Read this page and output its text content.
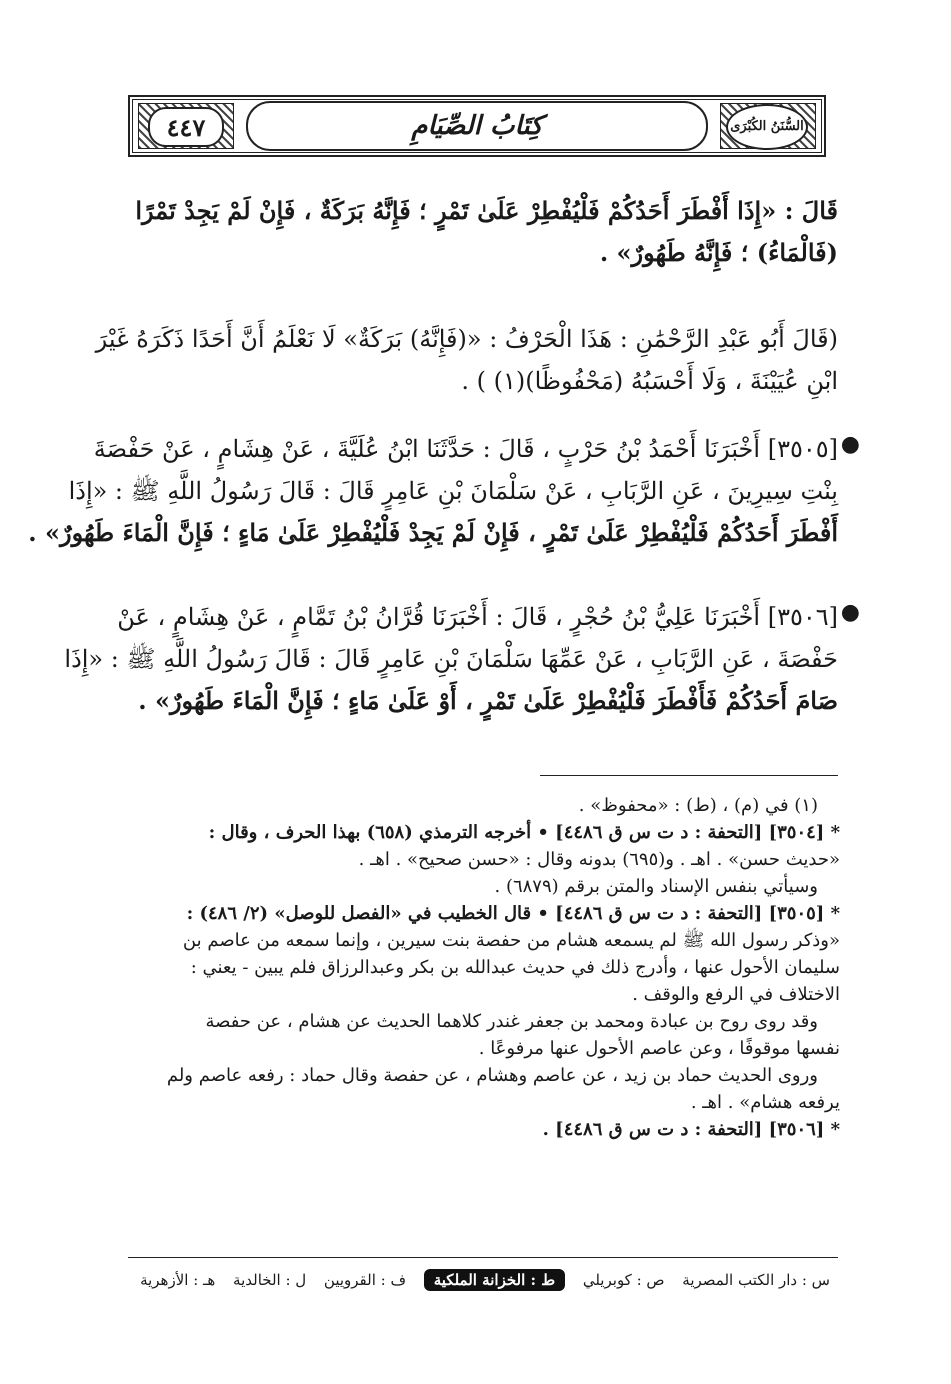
٤٤٧	كِتَابُ الصِّيَامِ	السُّنَنُ الكُبْرَى
قَالَ : «إِذَا أَفْطَرَ أَحَدُكُمْ فَلْيُفْطِرْ عَلَىٰ تَمْرٍ ؛ فَإِنَّهُ بَرَكَةٌ ، فَإِنْ لَمْ يَجِدْ تَمْرًا
(فَالْمَاءُ) ؛ فَإِنَّهُ طَهُورٌ» .
(قَالَ أَبُو عَبْدِ الرَّحْمَٰنِ : هَذَا الْحَرْفُ : «(فَإِنَّهُ) بَرَكَةٌ» لَا نَعْلَمُ أَنَّ أَحَدًا ذَكَرَهُ غَيْرَ
ابْنِ عُيَيْنَةَ ، وَلَا أَحْسَبُهُ (مَحْفُوظًا)(١) ) .
●
[٣٥٠٥] أَخْبَرَنَا أَحْمَدُ بْنُ حَرْبٍ ، قَالَ : حَدَّثَنَا ابْنُ عُلَيَّةَ ، عَنْ هِشَامٍ ، عَنْ حَفْصَةَ
بِنْتِ سِيرِينَ ، عَنِ الرَّبَابِ ، عَنْ سَلْمَانَ بْنِ عَامِرٍ قَالَ : قَالَ رَسُولُ اللَّهِ ﷺ : «إِذَا
أَفْطَرَ أَحَدُكُمْ فَلْيُفْطِرْ عَلَىٰ تَمْرٍ ، فَإِنْ لَمْ يَجِدْ فَلْيُفْطِرْ عَلَىٰ مَاءٍ ؛ فَإِنَّ الْمَاءَ طَهُورٌ» .
●
[٣٥٠٦] أَخْبَرَنَا عَلِيُّ بْنُ حُجْرٍ ، قَالَ : أَخْبَرَنَا قُرَّانُ بْنُ تَمَّامٍ ، عَنْ هِشَامٍ ، عَنْ
حَفْصَةَ ، عَنِ الرَّبَابِ ، عَنْ عَمِّهَا سَلْمَانَ بْنِ عَامِرٍ قَالَ : قَالَ رَسُولُ اللَّهِ ﷺ : «إِذَا
صَامَ أَحَدُكُمْ فَأَفْطَرَ فَلْيُفْطِرْ عَلَىٰ تَمْرٍ ، أَوْ عَلَىٰ مَاءٍ ؛ فَإِنَّ الْمَاءَ طَهُورٌ» .

(١) في (م) ، (ط) : «محفوظ» .

* [٣٥٠٤] [التحفة : د ت س ق ٤٤٨٦] • أخرجه الترمذي (٦٥٨) بهذا الحرف ، وقال :

«حديث حسن» . اهـ . و(٦٩٥) بدونه وقال : «حسن صحيح» . اهـ .

وسيأتي بنفس الإسناد والمتن برقم (٦٨٧٩) .

* [٣٥٠٥] [التحفة : د ت س ق ٤٤٨٦] • قال الخطيب في «الفصل للوصل» (٢/ ٤٨٦) :

«وذكر رسول الله ﷺ لم يسمعه هشام من حفصة بنت سيرين ، وإنما سمعه من عاصم بن

سليمان الأحول عنها ، وأدرج ذلك في حديث عبدالله بن بكر وعبدالرزاق فلم يبين - يعني :

الاختلاف في الرفع والوقف .

وقد روى روح بن عبادة ومحمد بن جعفر غندر كلاهما الحديث عن هشام ، عن حفصة

نفسها موقوفًا ، وعن عاصم الأحول عنها مرفوعًا .

وروى الحديث حماد بن زيد ، عن عاصم وهشام ، عن حفصة وقال حماد : رفعه عاصم ولم

يرفعه هشام» . اهـ .

* [٣٥٠٦] [التحفة : د ت س ق ٤٤٨٦] .

س : دار الكتب المصرية
ص : كوبريلي
ط : الخزانة الملكية
ف : القرويين
ل : الخالدية
هـ : الأزهرية
